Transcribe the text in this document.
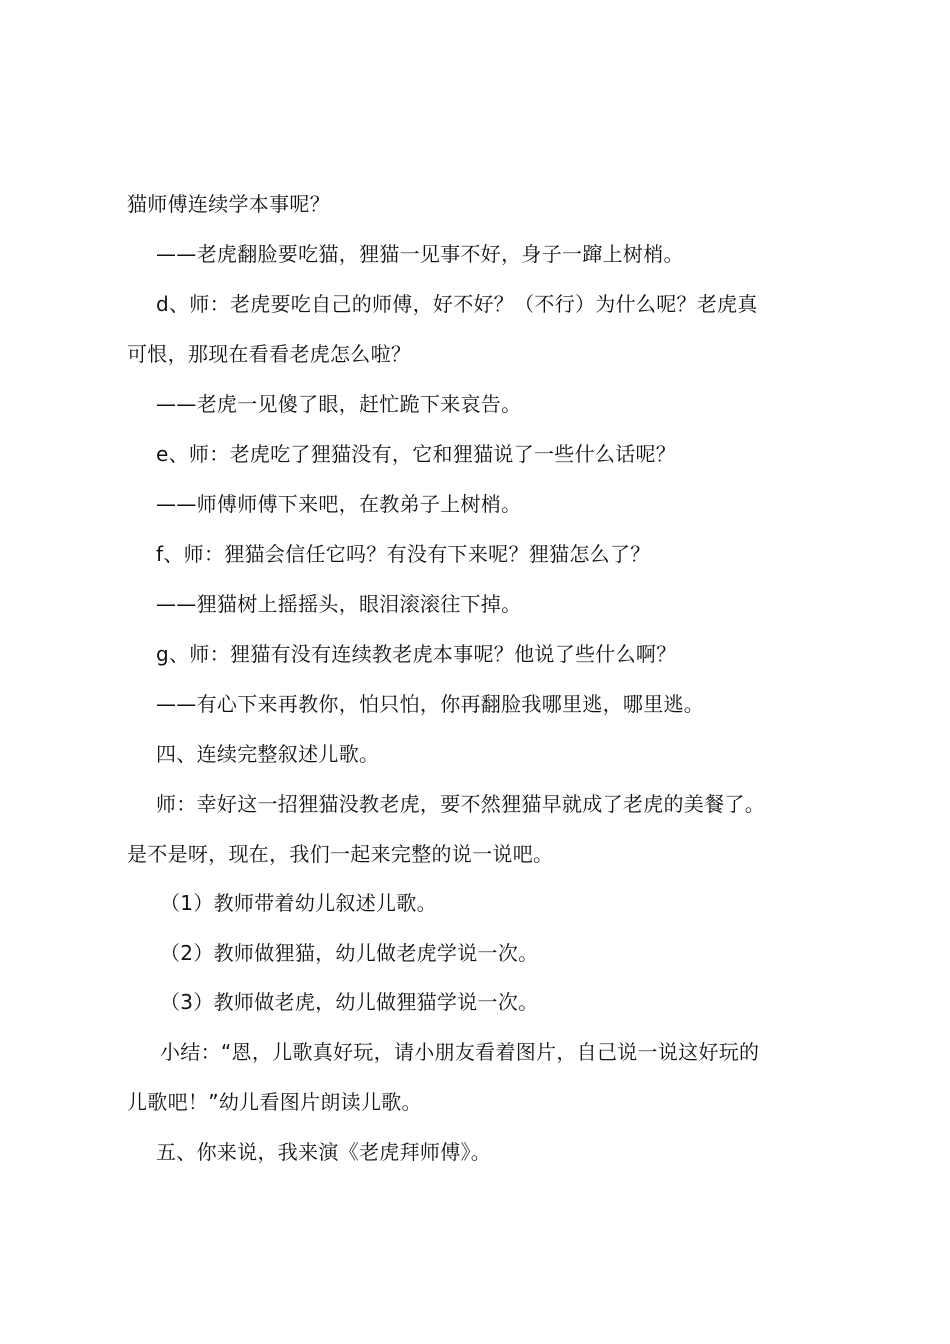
猫师傅连续学本事呢？
——老虎翻脸要吃猫，狸猫一见事不好，身子一蹿上树梢。
d、师：老虎要吃自己的师傅，好不好？（不行）为什么呢？老虎真
可恨，那现在看看老虎怎么啦？
——老虎一见傻了眼，赶忙跪下来哀告。
e、师：老虎吃了狸猫没有，它和狸猫说了一些什么话呢？
——师傅师傅下来吧，在教弟子上树梢。
f、师：狸猫会信任它吗？有没有下来呢？狸猫怎么了？
——狸猫树上摇摇头，眼泪滚滚往下掉。
g、师：狸猫有没有连续教老虎本事呢？他说了些什么啊？
——有心下来再教你，怕只怕，你再翻脸我哪里逃，哪里逃。
四、连续完整叙述儿歌。
师：幸好这一招狸猫没教老虎，要不然狸猫早就成了老虎的美餐了。
是不是呀，现在，我们一起来完整的说一说吧。
（1）教师带着幼儿叙述儿歌。
（2）教师做狸猫，幼儿做老虎学说一次。
（3）教师做老虎，幼儿做狸猫学说一次。
小结：“恩，儿歌真好玩，请小朋友看着图片，自己说一说这好玩的
儿歌吧！”幼儿看图片朗读儿歌。
五、你来说，我来演《老虎拜师傅》。
